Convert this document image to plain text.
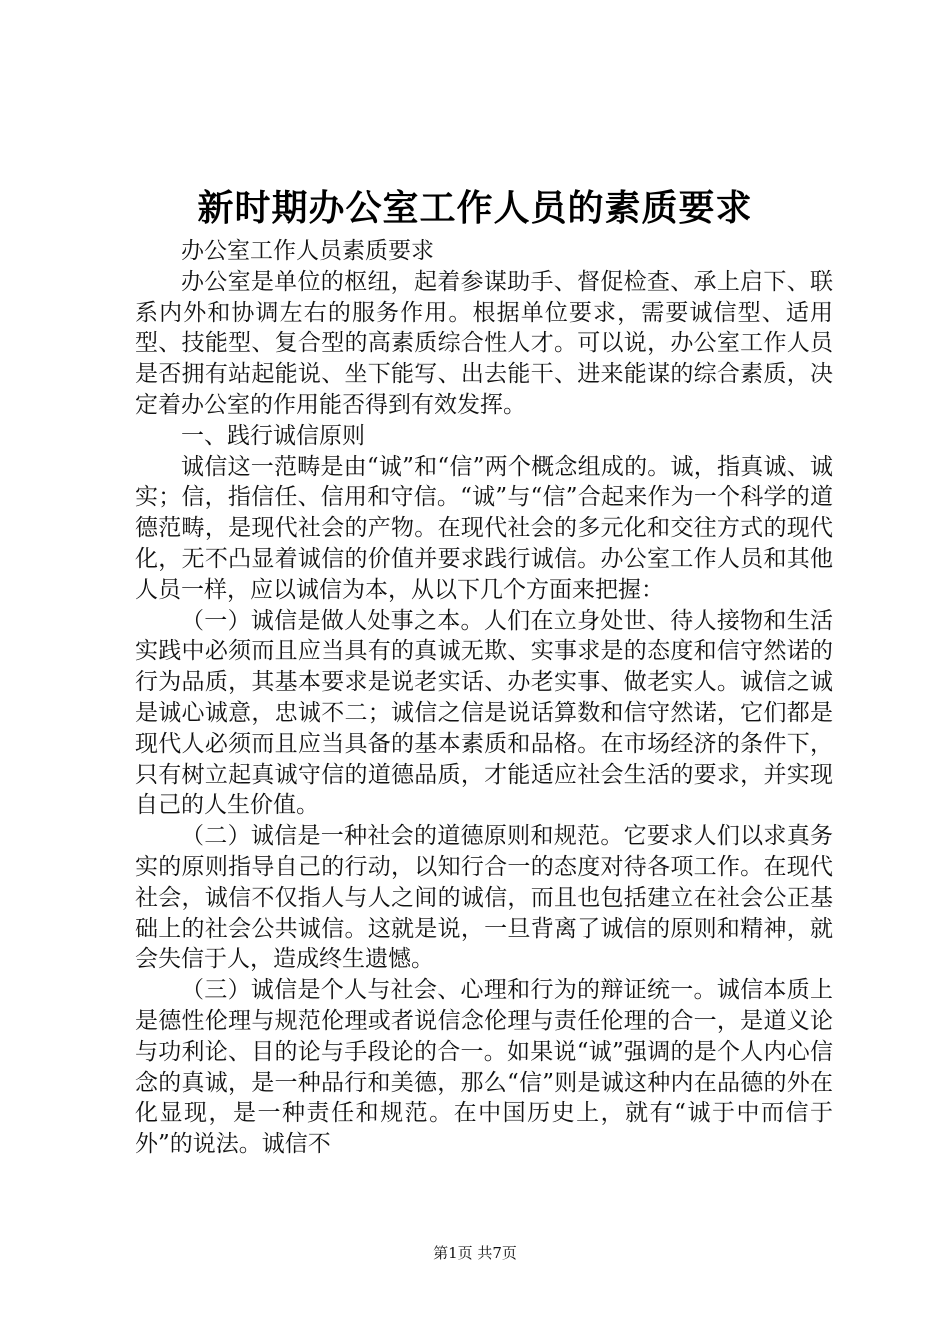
新时期办公室工作人员的素质要求

办公室工作人员素质要求

办公室是单位的枢纽，起着参谋助手、督促检查、承上启下、联系内外和协调左右的服务作用。根据单位要求，需要诚信型、适用型、技能型、复合型的高素质综合性人才。可以说，办公室工作人员是否拥有站起能说、坐下能写、出去能干、进来能谋的综合素质，决定着办公室的作用能否得到有效发挥。

一、践行诚信原则

诚信这一范畴是由“诚”和“信”两个概念组成的。诚，指真诚、诚实；信，指信任、信用和守信。“诚”与“信”合起来作为一个科学的道德范畴，是现代社会的产物。在现代社会的多元化和交往方式的现代化，无不凸显着诚信的价值并要求践行诚信。办公室工作人员和其他人员一样，应以诚信为本，从以下几个方面来把握：

（一）诚信是做人处事之本。人们在立身处世、待人接物和生活实践中必须而且应当具有的真诚无欺、实事求是的态度和信守然诺的行为品质，其基本要求是说老实话、办老实事、做老实人。诚信之诚是诚心诚意，忠诚不二；诚信之信是说话算数和信守然诺，它们都是现代人必须而且应当具备的基本素质和品格。在市场经济的条件下，只有树立起真诚守信的道德品质，才能适应社会生活的要求，并实现自己的人生价值。

（二）诚信是一种社会的道德原则和规范。它要求人们以求真务实的原则指导自己的行动，以知行合一的态度对待各项工作。在现代社会，诚信不仅指人与人之间的诚信，而且也包括建立在社会公正基础上的社会公共诚信。这就是说，一旦背离了诚信的原则和精神，就会失信于人，造成终生遗憾。

（三）诚信是个人与社会、心理和行为的辩证统一。诚信本质上是德性伦理与规范伦理或者说信念伦理与责任伦理的合一，是道义论与功利论、目的论与手段论的合一。如果说“诚”强调的是个人内心信念的真诚，是一种品行和美德，那么“信”则是诚这种内在品德的外在化显现，是一种责任和规范。在中国历史上，就有“诚于中而信于外”的说法。诚信不

第1页 共7页
